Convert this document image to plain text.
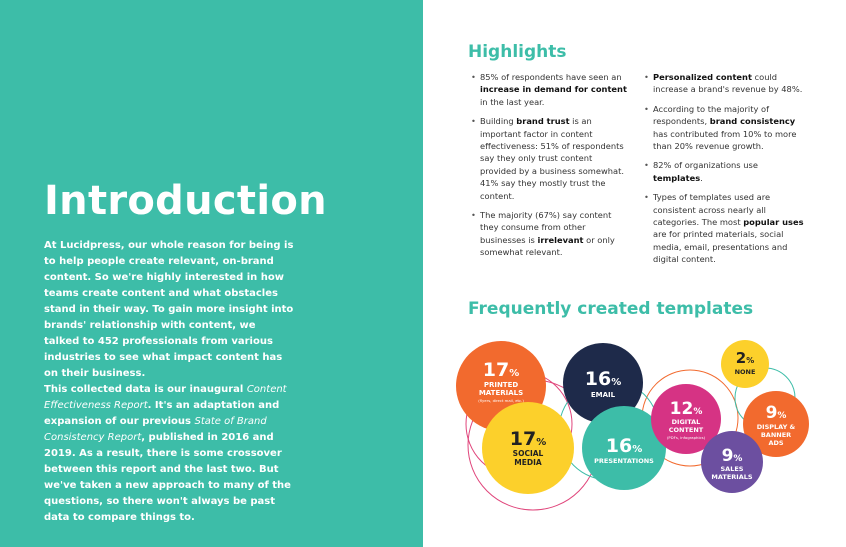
Introduction

At Lucidpress, our whole reason for being is to help people create relevant, on-brand content. So we're highly interested in how teams create content and what obstacles stand in their way. To gain more insight into brands' relationship with content, we talked to 452 professionals from various industries to see what impact content has on their business.

This collected data is our inaugural Content Effectiveness Report. It's an adaptation and expansion of our previous State of Brand Consistency Report, published in 2016 and 2019. As a result, there is some crossover between this report and the last two. But we've taken a new approach to many of the questions, so there won't always be past data to compare things to.

Highlights
• 85% of respondents have seen an increase in demand for content in the last year.
• Building brand trust is an important factor in content effectiveness: 51% of respondents say they only trust content provided by a business somewhat. 41% say they mostly trust the content.
• The majority (67%) say content they consume from other businesses is irrelevant or only somewhat relevant.
• Personalized content could increase a brand's revenue by 48%.
• According to the majority of respondents, brand consistency has contributed from 10% to more than 20% revenue growth.
• 82% of organizations use templates.
• Types of templates used are consistent across nearly all categories. The most popular uses are for printed materials, social media, email, presentations and digital content.
Frequently created templates
17%
PRINTED
MATERIALS
(flyers, direct mail, etc.)
16%
EMAIL
17%
SOCIAL
MEDIA
16%
PRESENTATIONS
12%
DIGITAL
CONTENT
(PDFs, infographics)
2%
NONE
9%
DISPLAY &
BANNER
ADS
9%
SALES
MATERIALS
